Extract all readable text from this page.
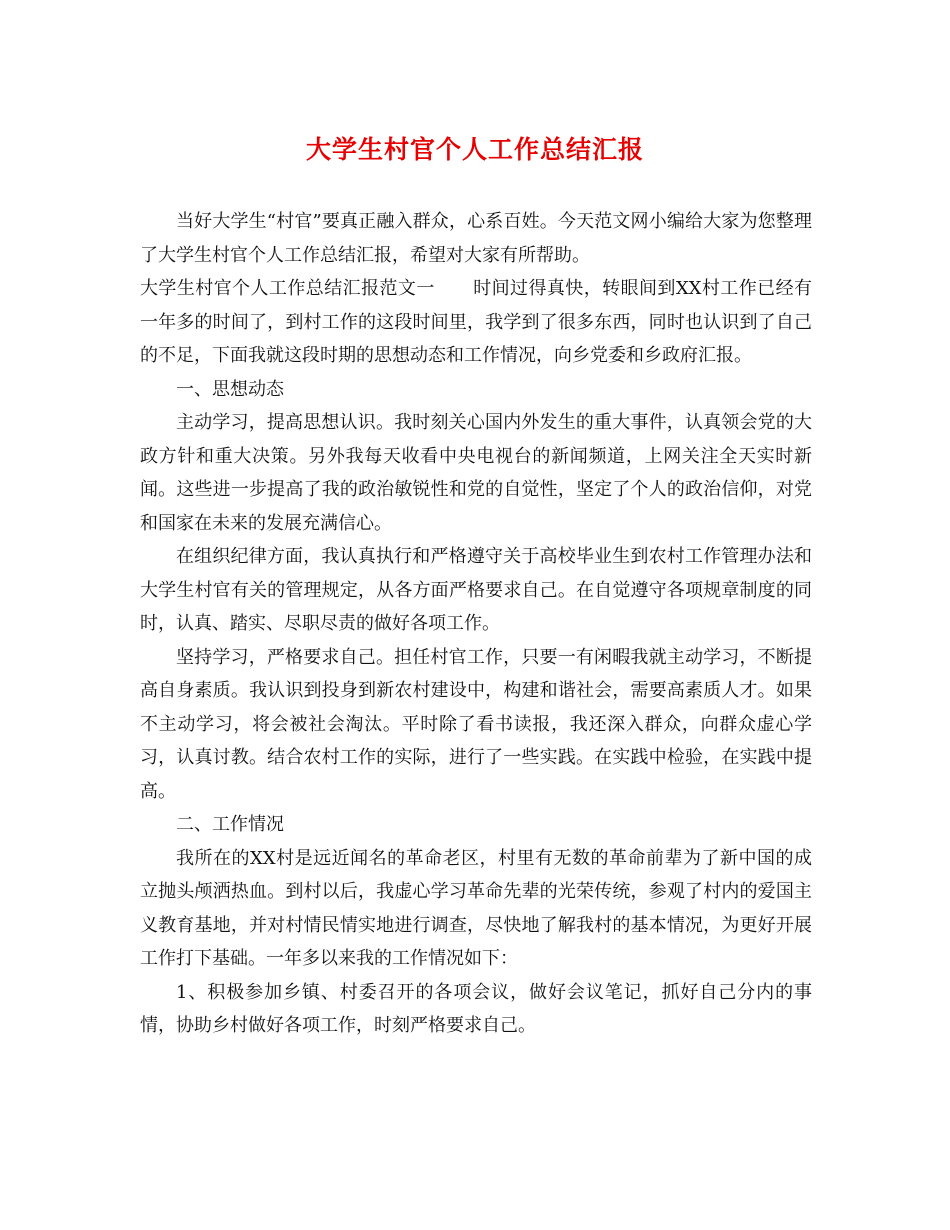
大学生村官个人工作总结汇报

当好大学生“村官”要真正融入群众，心系百姓。今天范文网小编给大家为您整理了大学生村官个人工作总结汇报，希望对大家有所帮助。

大学生村官个人工作总结汇报范文一 时间过得真快，转眼间到XX村工作已经有一年多的时间了，到村工作的这段时间里，我学到了很多东西，同时也认识到了自己的不足，下面我就这段时期的思想动态和工作情况，向乡党委和乡政府汇报。

一、思想动态

主动学习，提高思想认识。我时刻关心国内外发生的重大事件，认真领会党的大政方针和重大决策。另外我每天收看中央电视台的新闻频道，上网关注全天实时新闻。这些进一步提高了我的政治敏锐性和党的自觉性，坚定了个人的政治信仰，对党和国家在未来的发展充满信心。

在组织纪律方面，我认真执行和严格遵守关于高校毕业生到农村工作管理办法和大学生村官有关的管理规定，从各方面严格要求自己。在自觉遵守各项规章制度的同时，认真、踏实、尽职尽责的做好各项工作。

坚持学习，严格要求自己。担任村官工作，只要一有闲暇我就主动学习，不断提高自身素质。我认识到投身到新农村建设中，构建和谐社会，需要高素质人才。如果不主动学习，将会被社会淘汰。平时除了看书读报，我还深入群众，向群众虚心学习，认真讨教。结合农村工作的实际，进行了一些实践。在实践中检验，在实践中提高。

二、工作情况

我所在的XX村是远近闻名的革命老区，村里有无数的革命前辈为了新中国的成立抛头颅洒热血。到村以后，我虚心学习革命先辈的光荣传统，参观了村内的爱国主义教育基地，并对村情民情实地进行调查，尽快地了解我村的基本情况，为更好开展工作打下基础。一年多以来我的工作情况如下：

1、积极参加乡镇、村委召开的各项会议，做好会议笔记，抓好自己分内的事情，协助乡村做好各项工作，时刻严格要求自己。
